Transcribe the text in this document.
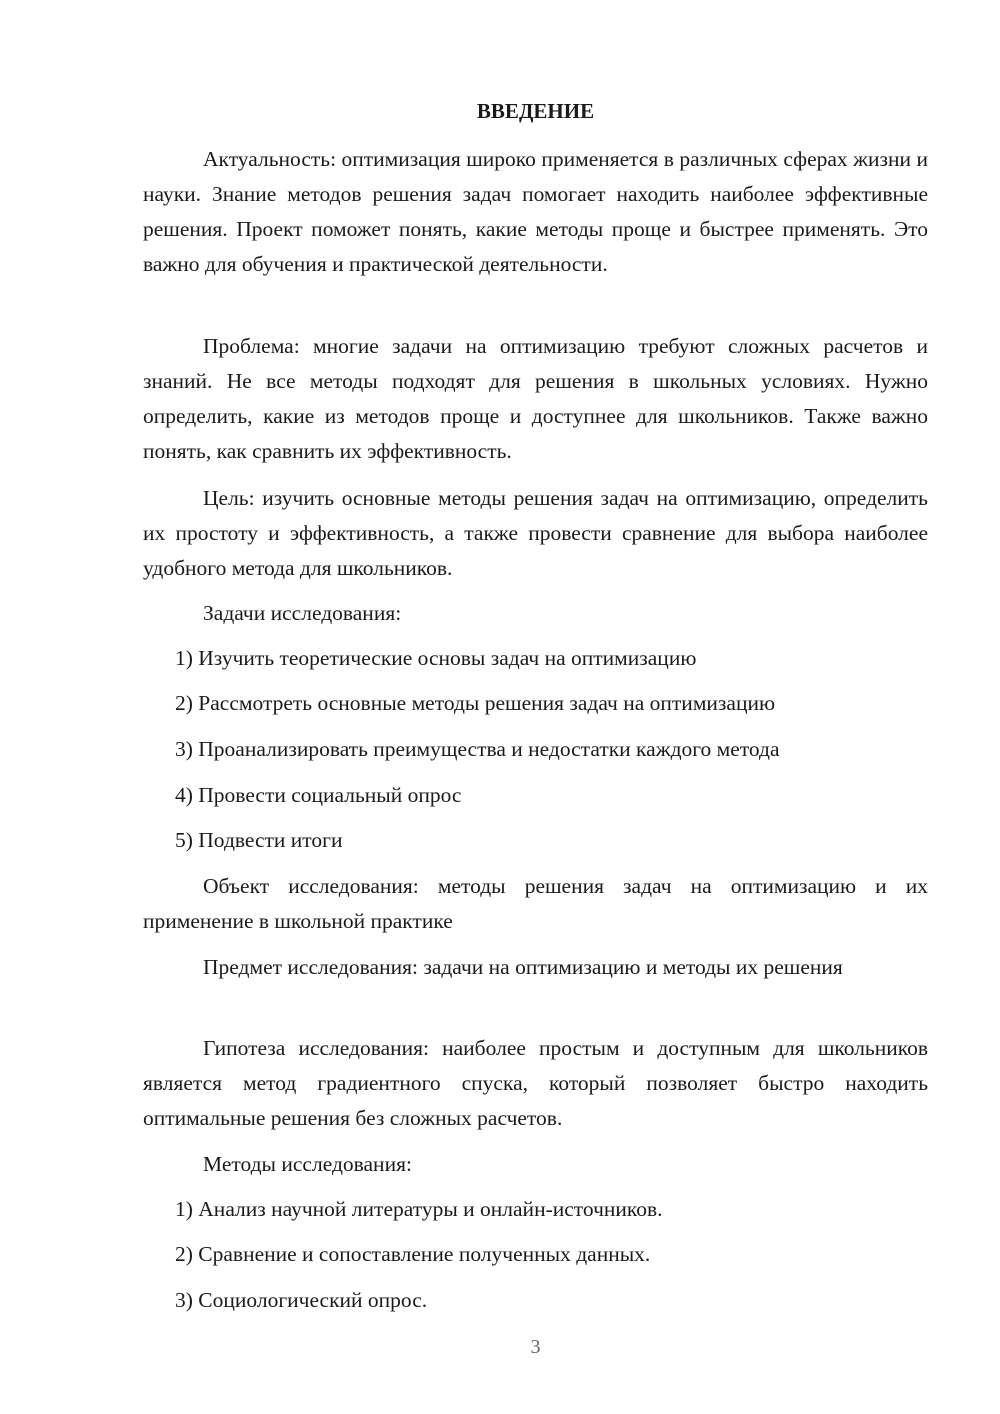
ВВЕДЕНИЕ

Актуальность: оптимизация широко применяется в различных сферах жизни и науки. Знание методов решения задач помогает находить наиболее эффективные решения. Проект поможет понять, какие методы проще и быстрее применять. Это важно для обучения и практической деятельности.

Проблема: многие задачи на оптимизацию требуют сложных расчетов и знаний. Не все методы подходят для решения в школьных условиях. Нужно определить, какие из методов проще и доступнее для школьников. Также важно понять, как сравнить их эффективность.

Цель: изучить основные методы решения задач на оптимизацию, определить их простоту и эффективность, а также провести сравнение для выбора наиболее удобного метода для школьников.

Задачи исследования:

1) Изучить теоретические основы задач на оптимизацию

2) Рассмотреть основные методы решения задач на оптимизацию

3) Проанализировать преимущества и недостатки каждого метода

4) Провести социальный опрос

5) Подвести итоги

Объект исследования: методы решения задач на оптимизацию и их применение в школьной практике

Предмет исследования: задачи на оптимизацию и методы их решения

Гипотеза исследования: наиболее простым и доступным для школьников является метод градиентного спуска, который позволяет быстро находить оптимальные решения без сложных расчетов.

Методы исследования:

1) Анализ научной литературы и онлайн-источников.

2) Сравнение и сопоставление полученных данных.

3) Социологический опрос.

3
